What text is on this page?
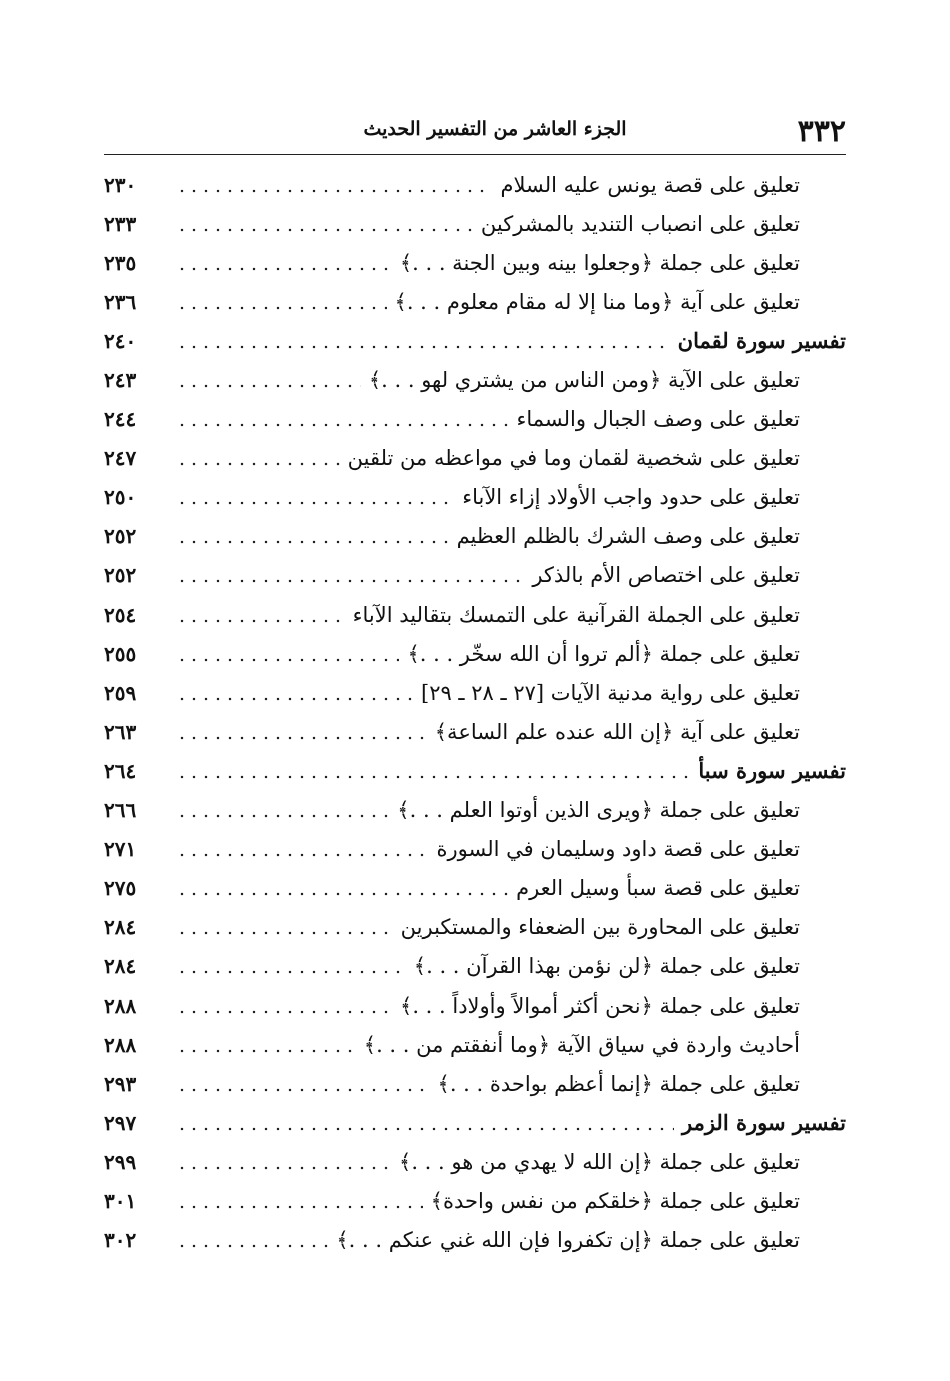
٣٣٢
الجزء العاشر من التفسير الحديث
تعليق على قصة يونس عليه السلام
٢٣٠
تعليق على انصباب التنديد بالمشركين
٢٣٣
تعليق على جملة ﴿وجعلوا بينه وبين الجنة . . .﴾
٢٣٥
تعليق على آية ﴿وما منا إلا له مقام معلوم . . .﴾
٢٣٦
تفسير سورة لقمان
٢٤٠
تعليق على الآية ﴿ومن الناس من يشتري لهو . . .﴾
٢٤٣
تعليق على وصف الجبال والسماء
٢٤٤
تعليق على شخصية لقمان وما في مواعظه من تلقين
٢٤٧
تعليق على حدود واجب الأولاد إزاء الآباء
٢٥٠
تعليق على وصف الشرك بالظلم العظيم
٢٥٢
تعليق على اختصاص الأم بالذكر
٢٥٢
تعليق على الجملة القرآنية على التمسك بتقاليد الآباء
٢٥٤
تعليق على جملة ﴿ألم تروا أن الله سخّر . . .﴾
٢٥٥
تعليق على رواية مدنية الآيات [٢٧ ـ ٢٨ ـ ٢٩]
٢٥٩
تعليق على آية ﴿إن الله عنده علم الساعة﴾
٢٦٣
تفسير سورة سبأ
٢٦٤
تعليق على جملة ﴿ويرى الذين أوتوا العلم . . .﴾
٢٦٦
تعليق على قصة داود وسليمان في السورة
٢٧١
تعليق على قصة سبأ وسيل العرم
٢٧٥
تعليق على المحاورة بين الضعفاء والمستكبرين
٢٨٤
تعليق على جملة ﴿لن نؤمن بهذا القرآن . . .﴾
٢٨٤
تعليق على جملة ﴿نحن أكثر أموالاً وأولاداً . . .﴾
٢٨٨
أحاديث واردة في سياق الآية ﴿وما أنفقتم من . . .﴾
٢٨٨
تعليق على جملة ﴿إنما أعظم بواحدة . . .﴾
٢٩٣
تفسير سورة الزمر
٢٩٧
تعليق على جملة ﴿إن الله لا يهدي من هو . . .﴾
٢٩٩
تعليق على جملة ﴿خلقكم من نفس واحدة﴾
٣٠١
تعليق على جملة ﴿إن تكفروا فإن الله غني عنكم . . .﴾
٣٠٢
